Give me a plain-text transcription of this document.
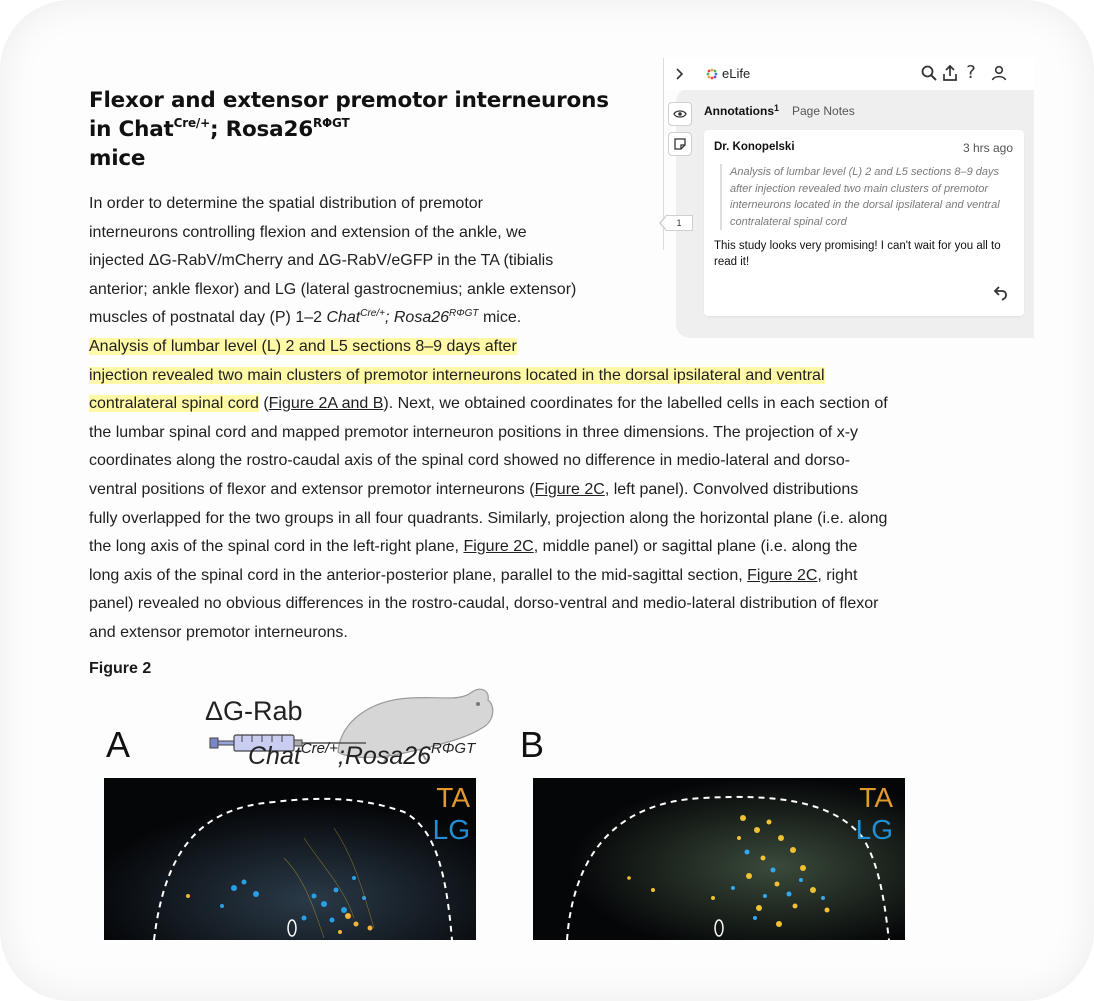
Flexor and extensor premotor interneurons in Chat$^{Cre/+}$; $Rosa26^{R\Phi GT}$
mice
In order to determine the spatial distribution of premotor
interneurons controlling flexion and extension of the ankle, we
injected ΔG-RabV/mCherry and ΔG-RabV/eGFP in the TA (tibialis
anterior; ankle flexor) and LG (lateral gastrocnemius; ankle extensor)
muscles of postnatal day (P) 1–2 Chat$^{Cre/+}$; $Rosa26^{R\Phi GT}$ mice.
Analysis of lumbar level (L) 2 and L5 sections 8–9 days after
injection revealed two main clusters of premotor interneurons located in the dorsal ipsilateral and ventral
contralateral spinal cord (Figure 2A and B). Next, we obtained coordinates for the labelled cells in each section of
the lumbar spinal cord and mapped premotor interneuron positions in three dimensions. The projection of x-y
coordinates along the rostro-caudal axis of the spinal cord showed no difference in medio-lateral and dorso-
ventral positions of flexor and extensor premotor interneurons (Figure 2C, left panel). Convolved distributions
fully overlapped for the two groups in all four quadrants. Similarly, projection along the horizontal plane (i.e. along
the long axis of the spinal cord in the left-right plane, Figure 2C, middle panel) or sagittal plane (i.e. along the
long axis of the spinal cord in the anterior-posterior plane, parallel to the mid-sagittal section, Figure 2C, right
panel) revealed no obvious differences in the rostro-caudal, dorso-ventral and medio-lateral distribution of flexor
and extensor premotor interneurons.
Figure 2
A
ΔG-Rab
$Chat^{Cre/+};Rosa26^{R\Phi GT}$ B
TA
LG
TA
LG
eLife	?
1
Annotations$^1$ Page Notes
Dr. Konopelski	3 hrs ago
Analysis of lumbar level (L) 2 and L5 sections 8–9 days after injection revealed two main clusters of premotor interneurons located in the dorsal ipsilateral and ventral contralateral spinal cord
This study looks very promising! I can't wait for you all to read it!
